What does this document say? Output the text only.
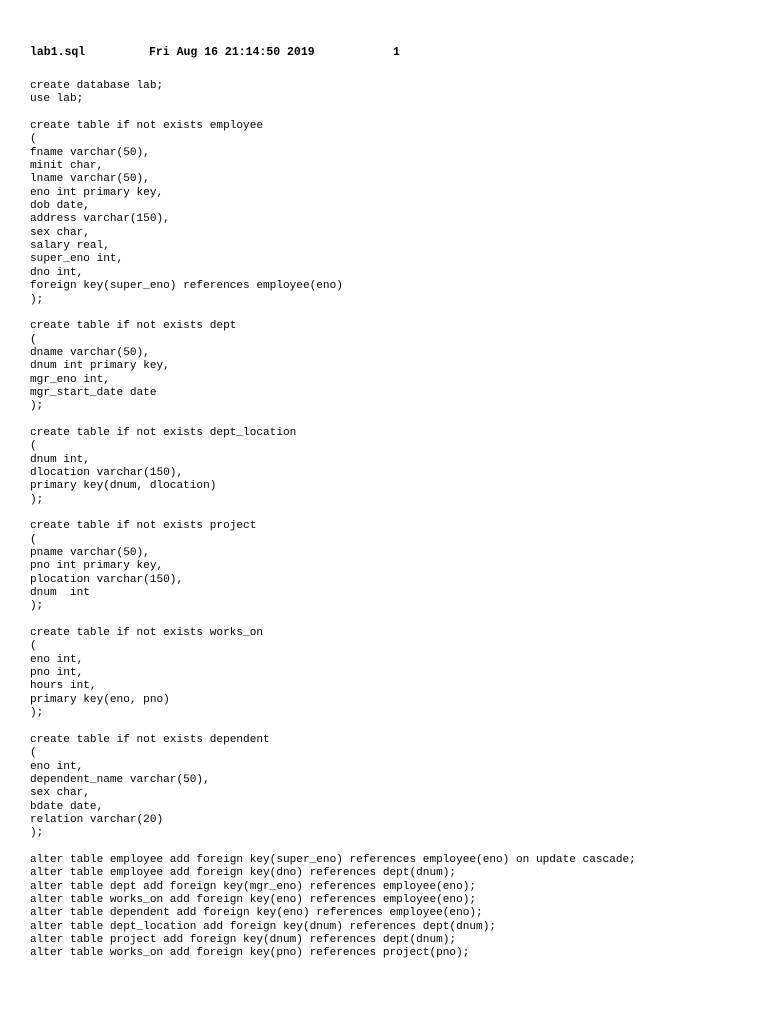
lab1.sql

	Fri Aug 16 21:14:50 2019

	1

create database lab;
use lab;
create table if not exists employee
(
fname varchar(50),
minit char,
lname varchar(50),
eno int primary key,
dob date,
address varchar(150),
sex char,
salary real,
super_eno int,
dno int,
foreign key(super_eno) references employee(eno)
);
create table if not exists dept
(
dname varchar(50),
dnum int primary key,
mgr_eno int,
mgr_start_date date
);
create table if not exists dept_location
(
dnum int,
dlocation varchar(150),
primary key(dnum, dlocation)
);
create table if not exists project
(
pname varchar(50),
pno int primary key,
plocation varchar(150),
dnum  int
);
create table if not exists works_on
(
eno int,
pno int,
hours int,
primary key(eno, pno)
);
create table if not exists dependent
(
eno int,
dependent_name varchar(50),
sex char,
bdate date,
relation varchar(20)
);
alter table employee add foreign key(super_eno) references employee(eno) on update cascade;
alter table employee add foreign key(dno) references dept(dnum);
alter table dept add foreign key(mgr_eno) references employee(eno);
alter table works_on add foreign key(eno) references employee(eno);
alter table dependent add foreign key(eno) references employee(eno);
alter table dept_location add foreign key(dnum) references dept(dnum);
alter table project add foreign key(dnum) references dept(dnum);
alter table works_on add foreign key(pno) references project(pno);
